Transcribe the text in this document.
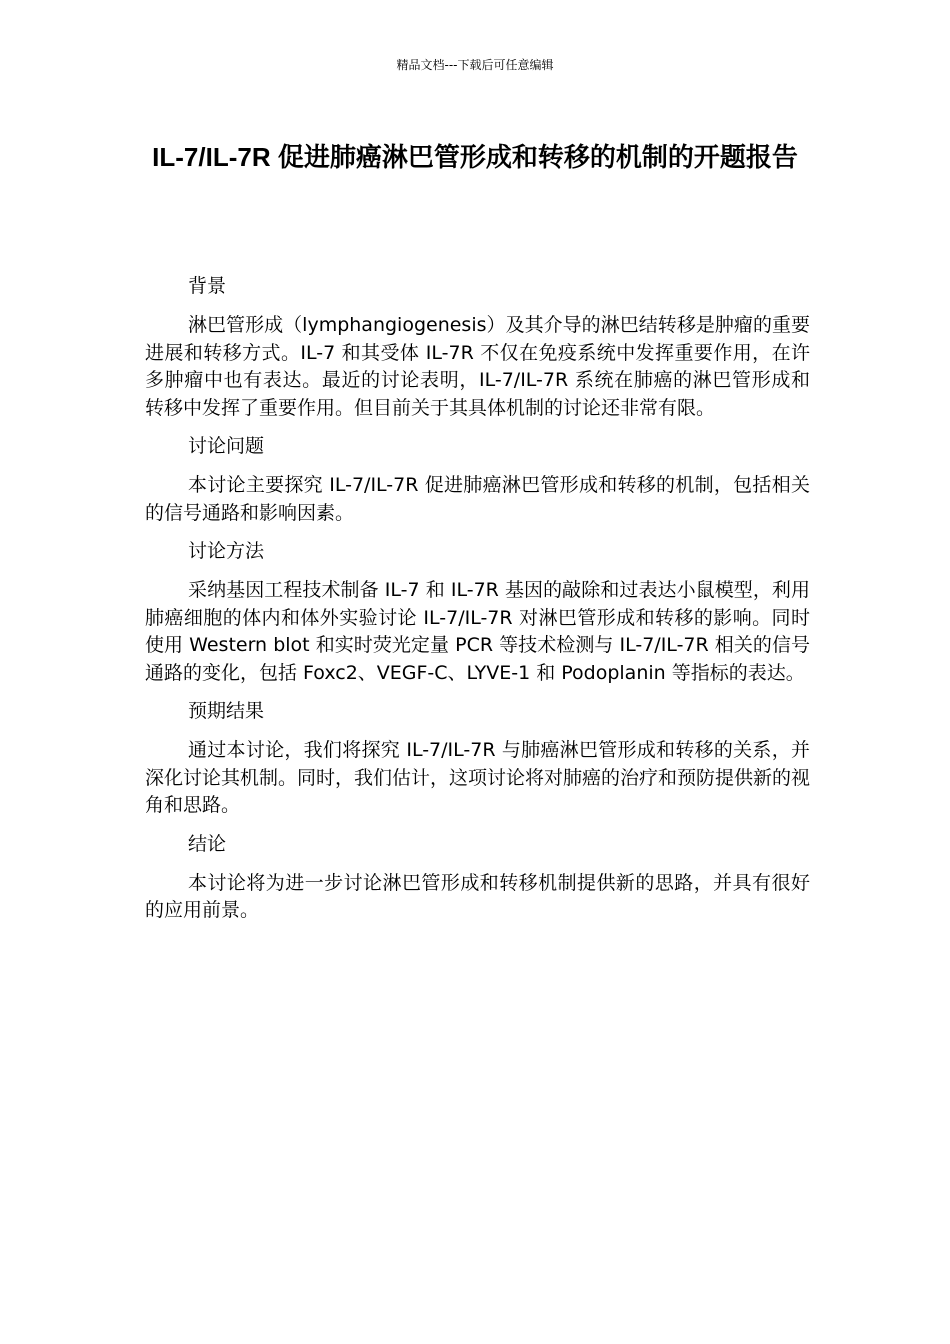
精品文档---下载后可任意编辑
IL-7/IL-7R 促进肺癌淋巴管形成和转移的机制的开题报告
背景

淋巴管形成（lymphangiogenesis）及其介导的淋巴结转移是肿瘤的重要进展和转移方式。IL-7 和其受体 IL-7R 不仅在免疫系统中发挥重要作用，在许多肿瘤中也有表达。最近的讨论表明，IL-7/IL-7R 系统在肺癌的淋巴管形成和转移中发挥了重要作用。但目前关于其具体机制的讨论还非常有限。

讨论问题

本讨论主要探究 IL-7/IL-7R 促进肺癌淋巴管形成和转移的机制，包括相关的信号通路和影响因素。

讨论方法

采纳基因工程技术制备 IL-7 和 IL-7R 基因的敲除和过表达小鼠模型，利用肺癌细胞的体内和体外实验讨论 IL-7/IL-7R 对淋巴管形成和转移的影响。同时使用 Western blot 和实时荧光定量 PCR 等技术检测与 IL-7/IL-7R 相关的信号通路的变化，包括 Foxc2、VEGF-C、LYVE-1 和 Podoplanin 等指标的表达。

预期结果

通过本讨论，我们将探究 IL-7/IL-7R 与肺癌淋巴管形成和转移的关系，并深化讨论其机制。同时，我们估计，这项讨论将对肺癌的治疗和预防提供新的视角和思路。

结论

本讨论将为进一步讨论淋巴管形成和转移机制提供新的思路，并具有很好的应用前景。
